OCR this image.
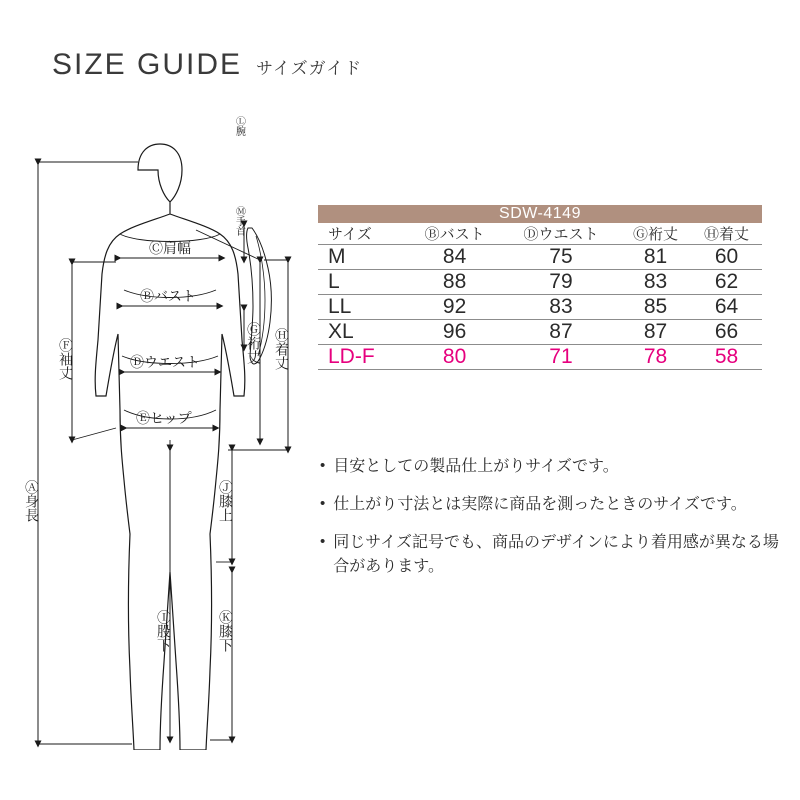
SIZE GUIDE サイズガイド
Ⓒ肩幅
Ⓑバスト
Ⓓウエスト
Ⓔヒップ
Ⓐ身長
Ⓕ袖丈	Ⓖ裄丈 Ⓗ着丈
Ⓘ股下
Ⓙ膝上
Ⓚ膝下
Ⓛ腕
Ⓜ手首	SDW-4149				
サイズ	Ⓑバスト	Ⓓウエスト	Ⓖ裄丈	Ⓗ着丈
M	84	75	81	60
L	88	79	83	62
LL	92	83	85	64
XL	96	87	87	66
LD-F	80	71	78	58
• 目安としての製品仕上がりサイズです。
• 仕上がり寸法とは実際に商品を測ったときのサイズです。
• 同じサイズ記号でも、商品のデザインにより着用感が異なる場合があります。
